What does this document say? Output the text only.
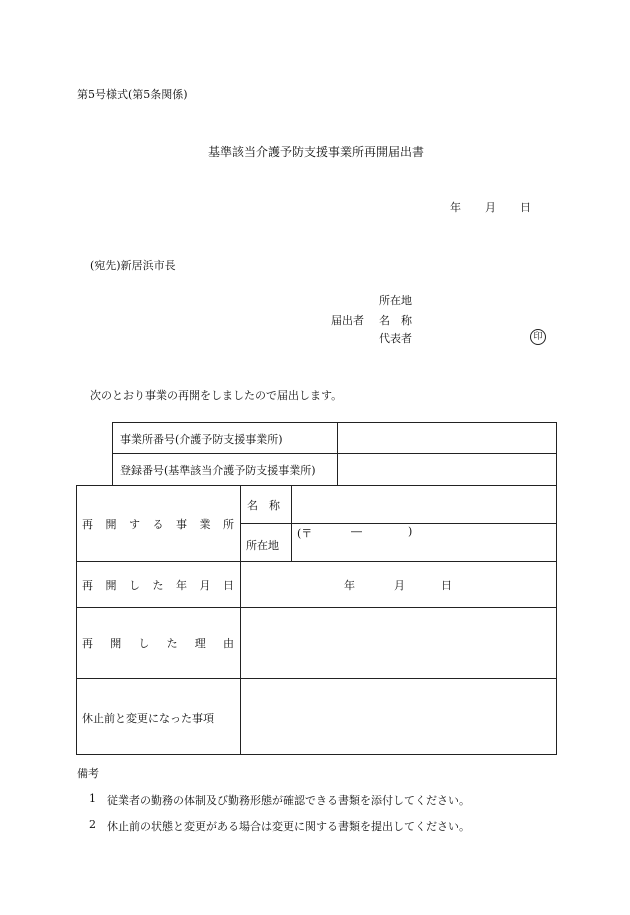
第5号様式(第5条関係)
基準該当介護予防支援事業所再開届出書
年 月 日
(宛先)新居浜市長
所在地
届出者 名　称
代表者	印
次のとおり事業の再開をしましたので届出します。
事業所番号(介護予防支援事業所)
登録番号(基準該当介護予防支援事業所)
再 開 す る 事 業 所
名　称
所在地
(〒	―	)
再 開 し た 年 月 日	年	月	日
再 開 し た 理 由
休止前と変更になった事項
備考
1 従業者の勤務の体制及び勤務形態が確認できる書類を添付してください。
2 休止前の状態と変更がある場合は変更に関する書類を提出してください。
